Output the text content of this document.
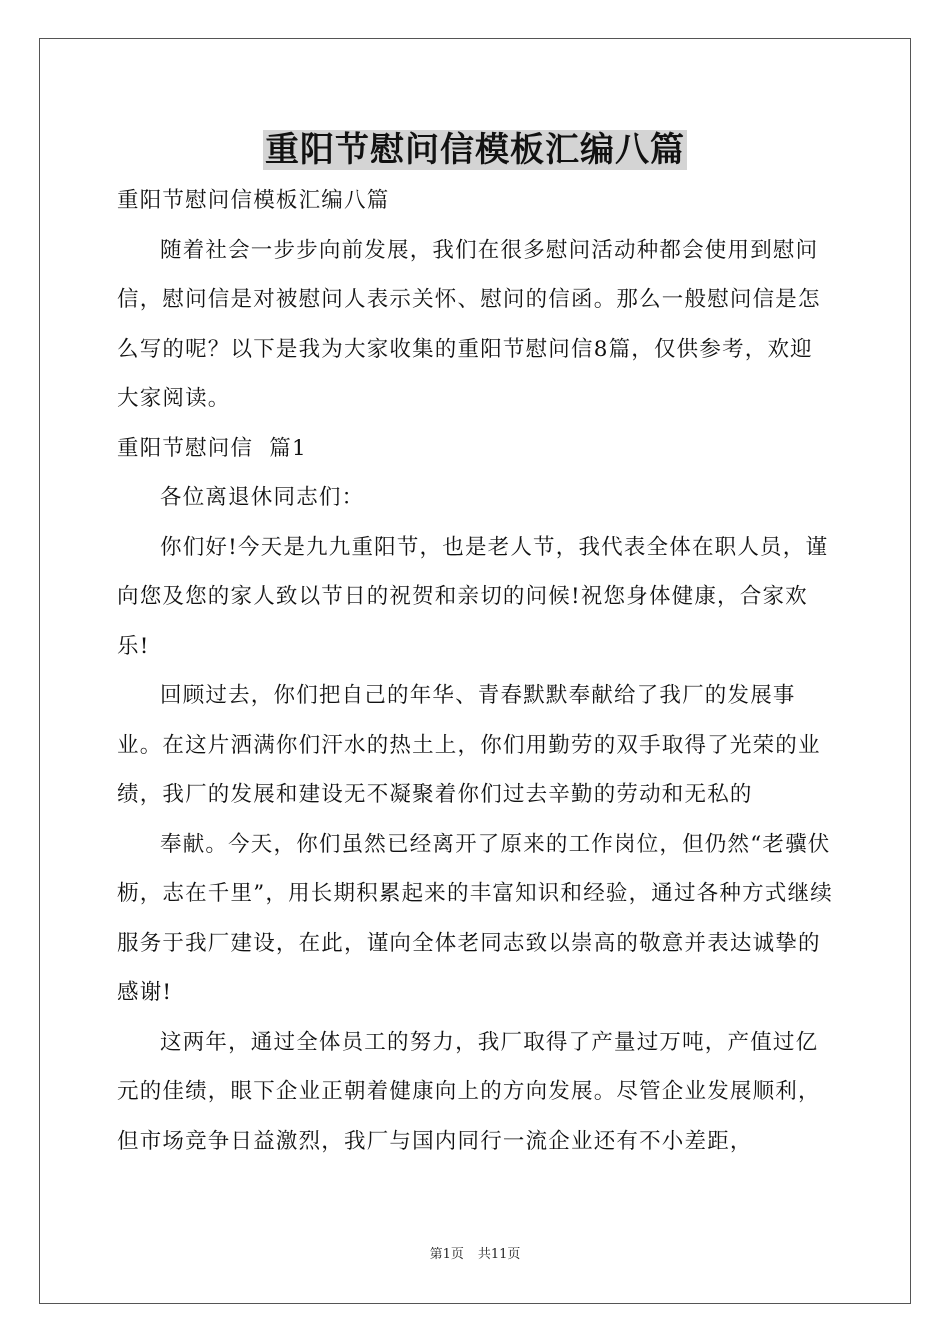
重阳节慰问信模板汇编八篇

重阳节慰问信模板汇编八篇

随着社会一步步向前发展，我们在很多慰问活动种都会使用到慰问信，慰问信是对被慰问人表示关怀、慰问的信函。那么一般慰问信是怎么写的呢？以下是我为大家收集的重阳节慰问信8篇，仅供参考，欢迎大家阅读。

重阳节慰问信  篇1

各位离退休同志们：

你们好!今天是九九重阳节，也是老人节，我代表全体在职人员，谨向您及您的家人致以节日的祝贺和亲切的问候!祝您身体健康，合家欢乐!

回顾过去，你们把自己的年华、青春默默奉献给了我厂的发展事业。在这片洒满你们汗水的热土上，你们用勤劳的双手取得了光荣的业绩，我厂的发展和建设无不凝聚着你们过去辛勤的劳动和无私的

奉献。今天，你们虽然已经离开了原来的工作岗位，但仍然“老骥伏枥，志在千里”，用长期积累起来的丰富知识和经验，通过各种方式继续服务于我厂建设，在此，谨向全体老同志致以崇高的敬意并表达诚挚的感谢!

这两年，通过全体员工的努力，我厂取得了产量过万吨，产值过亿元的佳绩，眼下企业正朝着健康向上的方向发展。尽管企业发展顺利，但市场竞争日益激烈，我厂与国内同行一流企业还有不小差距，

第1页 共11页
